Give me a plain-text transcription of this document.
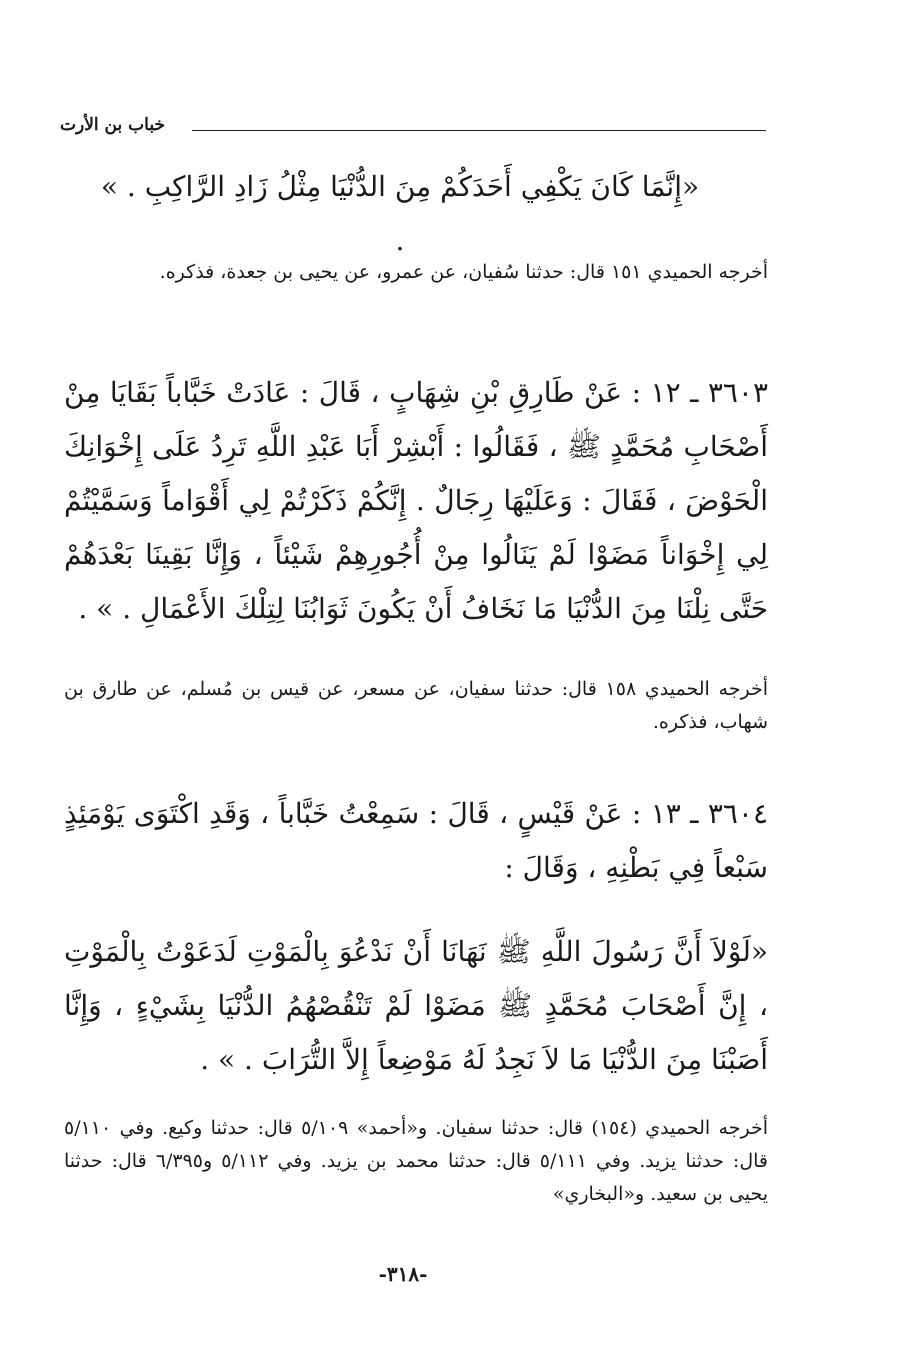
خباب بن الأرت
«إِنَّمَا كَانَ يَكْفِي أَحَدَكُمْ مِنَ الدُّنْيَا مِثْلُ زَادِ الرَّاكِبِ . » .
أخرجه الحميدي ١٥١ قال: حدثنا سُفيان، عن عمرو، عن يحيى بن جعدة، فذكره.
٣٦٠٣ ـ ١٢ : عَنْ طَارِقِ بْنِ شِهَابٍ ، قَالَ : عَادَتْ خَبَّاباً بَقَايَا مِنْ أَصْحَابِ مُحَمَّدٍ ﷺ ، فَقَالُوا : أَبْشِرْ أَبَا عَبْدِ اللَّهِ تَرِدُ عَلَى إِخْوَانِكَ الْحَوْضَ ، فَقَالَ : وَعَلَيْهَا رِجَالٌ . إِنَّكُمْ ذَكَرْتُمْ لِي أَقْوَاماً وَسَمَّيْتُمْ لِي إِخْوَاناً مَضَوْا لَمْ يَنَالُوا مِنْ أُجُورِهِمْ شَيْئاً ، وَإِنَّا بَقِينَا بَعْدَهُمْ حَتَّى نِلْنَا مِنَ الدُّنْيَا مَا نَخَافُ أَنْ يَكُونَ ثَوَابُنَا لِتِلْكَ الأَعْمَالِ . » .
أخرجه الحميدي ١٥٨ قال: حدثنا سفيان، عن مسعر، عن قيس بن مُسلم، عن طارق بن شهاب، فذكره.
٣٦٠٤ ـ ١٣ : عَنْ قَيْسٍ ، قَالَ : سَمِعْتُ خَبَّاباً ، وَقَدِ اكْتَوَى يَوْمَئِذٍ سَبْعاً فِي بَطْنِهِ ، وَقَالَ :
«لَوْلاَ أَنَّ رَسُولَ اللَّهِ ﷺ نَهَانَا أَنْ نَدْعُوَ بِالْمَوْتِ لَدَعَوْتُ بِالْمَوْتِ ، إِنَّ أَصْحَابَ مُحَمَّدٍ ﷺ مَضَوْا لَمْ تَنْقُصْهُمُ الدُّنْيَا بِشَيْءٍ ، وَإِنَّا أَصَبْنَا مِنَ الدُّنْيَا مَا لاَ نَجِدُ لَهُ مَوْضِعاً إِلاَّ التُّرَابَ . » .
أخرجه الحميدي (١٥٤) قال: حدثنا سفيان. و«أحمد» ٥/١٠٩ قال: حدثنا وكيع. وفي ٥/١١٠ قال: حدثنا يزيد. وفي ٥/١١١ قال: حدثنا محمد بن يزيد. وفي ٥/١١٢ و٦/٣٩٥ قال: حدثنا يحيى بن سعيد. و«البخاري»
-٣١٨-
